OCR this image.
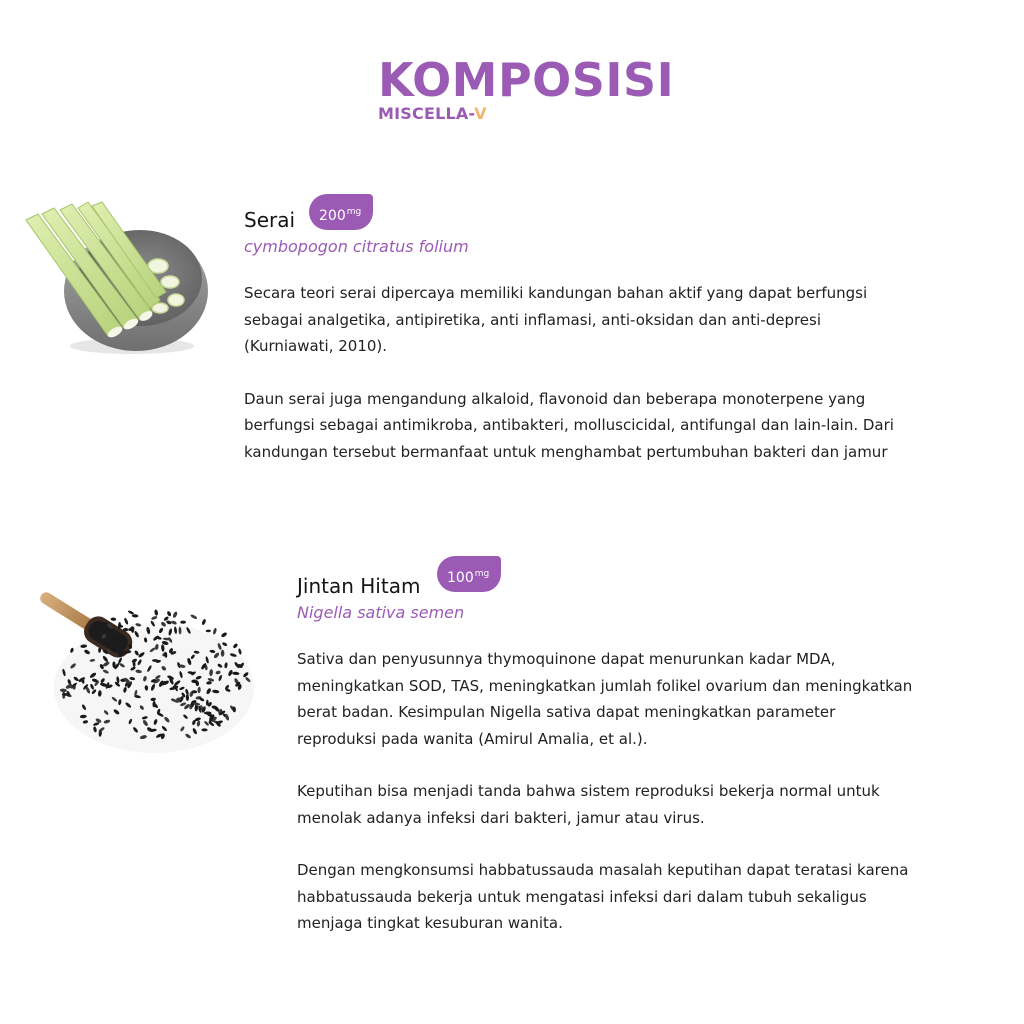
KOMPOSISI
MISCELLA-V
Serai	$200^{mg}$
cymbopogon citratus folium

Secara teori serai dipercaya memiliki kandungan bahan aktif yang dapat berfungsi sebagai analgetika, antipiretika, anti inflamasi, anti-oksidan dan anti-depresi (Kurniawati, 2010).

Daun serai juga mengandung alkaloid, flavonoid dan beberapa monoterpene yang berfungsi sebagai antimikroba, antibakteri, molluscicidal, antifungal dan lain-lain. Dari kandungan tersebut bermanfaat untuk menghambat pertumbuhan bakteri dan jamur

Jintan Hitam	$100^{mg}$
Nigella sativa semen

Sativa dan penyusunnya thymoquinone dapat menurunkan kadar MDA, meningkatkan SOD, TAS, meningkatkan jumlah folikel ovarium dan meningkatkan berat badan. Kesimpulan Nigella sativa dapat meningkatkan parameter reproduksi pada wanita (Amirul Amalia, et al.).

Keputihan bisa menjadi tanda bahwa sistem reproduksi bekerja normal untuk menolak adanya infeksi dari bakteri, jamur atau virus.

Dengan mengkonsumsi habbatussauda masalah keputihan dapat teratasi karena habbatussauda bekerja untuk mengatasi infeksi dari dalam tubuh sekaligus menjaga tingkat kesuburan wanita.
